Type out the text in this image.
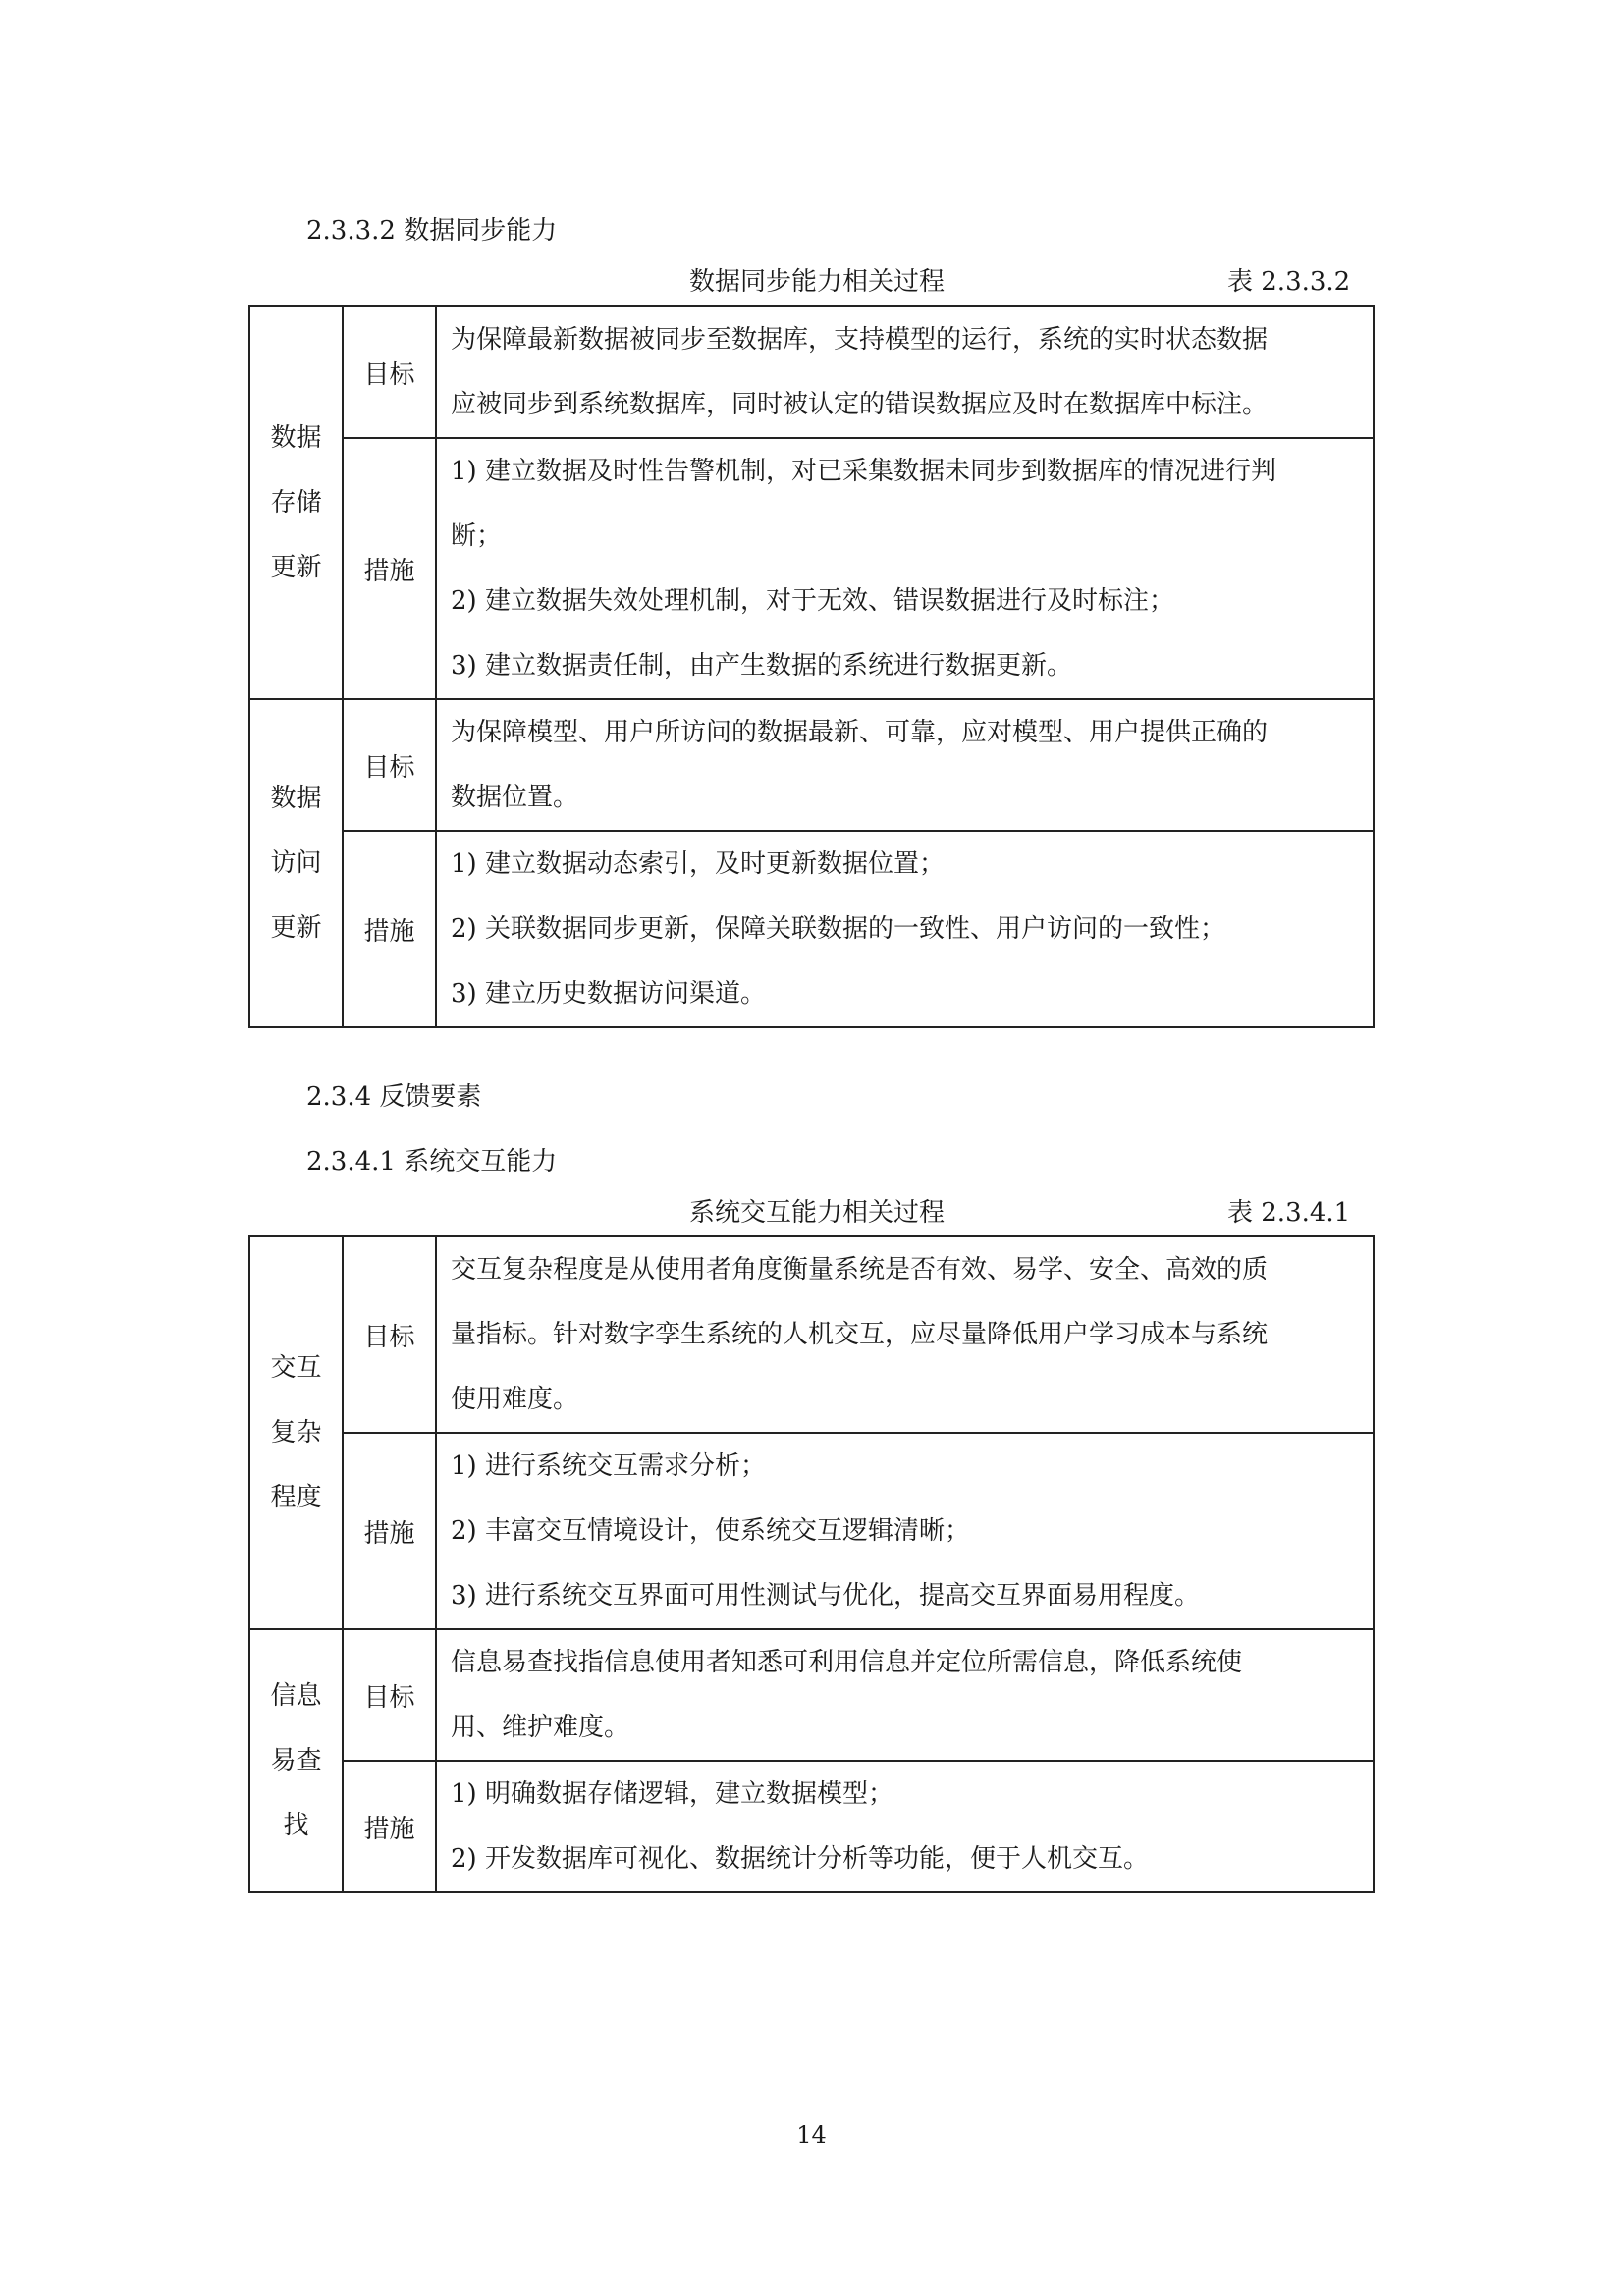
2.3.3.2 数据同步能力
数据同步能力相关过程	表 2.3.3.2
数据
存储
更新	目标	为保障最新数据被同步至数据库，支持模型的运行，系统的实时状态数据
应被同步到系统数据库，同时被认定的错误数据应及时在数据库中标注。

	措施	1) 建立数据及时性告警机制，对已采集数据未同步到数据库的情况进行判
断；
2) 建立数据失效处理机制，对于无效、错误数据进行及时标注；
3) 建立数据责任制，由产生数据的系统进行数据更新。

数据
访问
更新	目标	为保障模型、用户所访问的数据最新、可靠，应对模型、用户提供正确的
数据位置。

	措施	1) 建立数据动态索引，及时更新数据位置；
2) 关联数据同步更新，保障关联数据的一致性、用户访问的一致性；
3) 建立历史数据访问渠道。
2.3.4 反馈要素
2.3.4.1 系统交互能力
系统交互能力相关过程	表 2.3.4.1
交互
复杂
程度	目标	交互复杂程度是从使用者角度衡量系统是否有效、易学、安全、高效的质
量指标。针对数字孪生系统的人机交互，应尽量降低用户学习成本与系统
使用难度。

	措施	1) 进行系统交互需求分析；
2) 丰富交互情境设计，使系统交互逻辑清晰；
3) 进行系统交互界面可用性测试与优化，提高交互界面易用程度。

信息
易查
找	目标	信息易查找指信息使用者知悉可利用信息并定位所需信息，降低系统使
用、维护难度。

	措施	1) 明确数据存储逻辑，建立数据模型；
2) 开发数据库可视化、数据统计分析等功能，便于人机交互。
14
